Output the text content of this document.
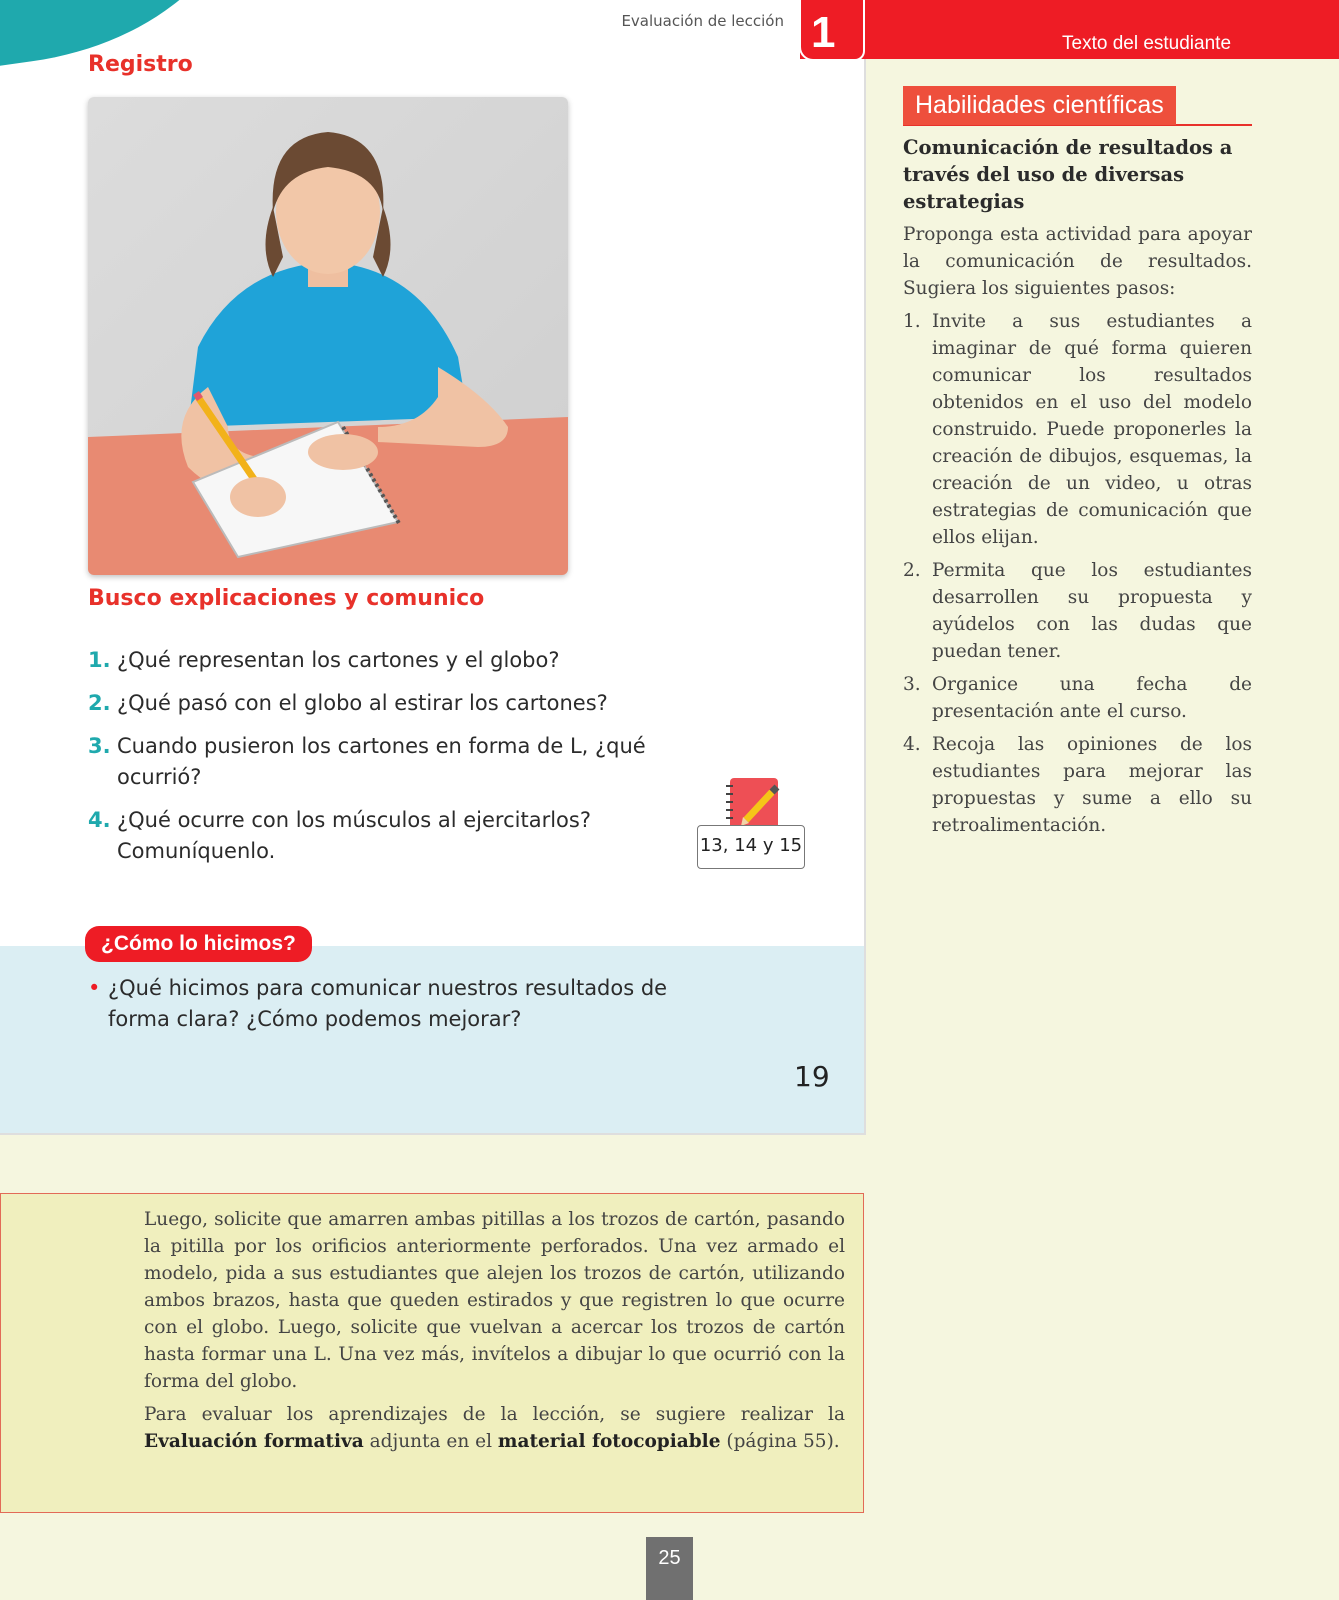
Evaluación de lección
Registro
Busco explicaciones y comunico
1. ¿Qué representan los cartones y el globo?
2. ¿Qué pasó con el globo al estirar los cartones?
3. Cuando pusieron los cartones en forma de L, ¿qué ocurrió?
4. ¿Qué ocurre con los músculos al ejercitarlos? Comuníquenlo.	13, 14 y 15
¿Cómo lo hicimos?
• ¿Qué hicimos para comunicar nuestros resultados de forma clara? ¿Cómo podemos mejorar?
19
1	Texto del estudiante
Habilidades científicas
Comunicación de resultados a través del uso de diversas estrategias

Proponga esta actividad para apoyar la comunicación de resultados. Sugiera los siguientes pasos:

1. Invite a sus estudiantes a imaginar de qué forma quieren comunicar los resultados obtenidos en el uso del modelo construido. Puede proponerles la creación de dibujos, esquemas, la creación de un video, u otras estrategias de comunicación que ellos elijan.
2. Permita que los estudiantes desarrollen su propuesta y ayúdelos con las dudas que puedan tener.
3. Organice una fecha de presentación ante el curso.
4. Recoja las opiniones de los estudiantes para mejorar las propuestas y sume a ello su retroalimentación.

Luego, solicite que amarren ambas pitillas a los trozos de cartón, pasando la pitilla por los orificios anteriormente perforados. Una vez armado el modelo, pida a sus estudiantes que alejen los trozos de cartón, utilizando ambos brazos, hasta que queden estirados y que registren lo que ocurre con el globo. Luego, solicite que vuelvan a acercar los trozos de cartón hasta formar una L. Una vez más, invítelos a dibujar lo que ocurrió con la forma del globo.

Para evaluar los aprendizajes de la lección, se sugiere realizar la Evaluación formativa adjunta en el material fotocopiable (página 55).

25
